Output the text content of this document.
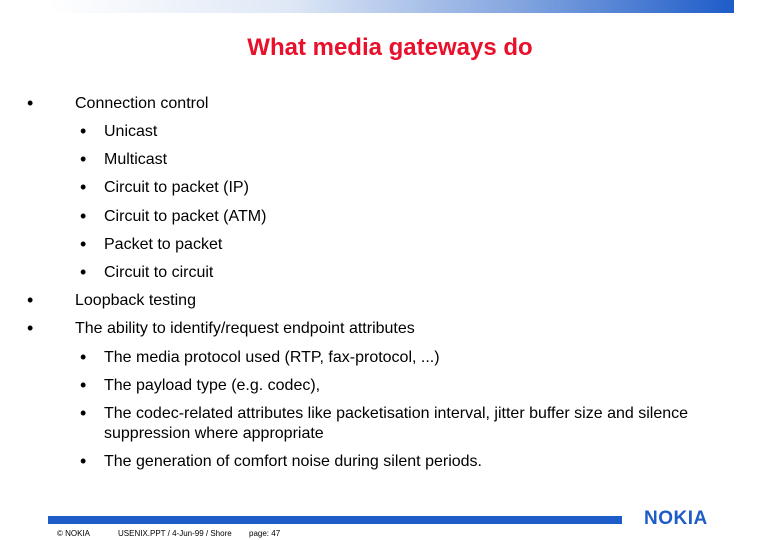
What media gateways do
•	Connection control
• Unicast
• Multicast
• Circuit to packet (IP)
• Circuit to packet (ATM)
• Packet to packet
• Circuit to circuit
•	Loopback testing
•	The ability to identify/request endpoint attributes
• The media protocol used (RTP, fax-protocol, ...)
• The payload type (e.g. codec),
• The codec-related attributes like packetisation interval, jitter buffer size and silence suppression where appropriate
• The generation of comfort noise during silent periods.
NOKIA
© NOKIA	USENIX.PPT / 4-Jun-99 / Shore page: 47
